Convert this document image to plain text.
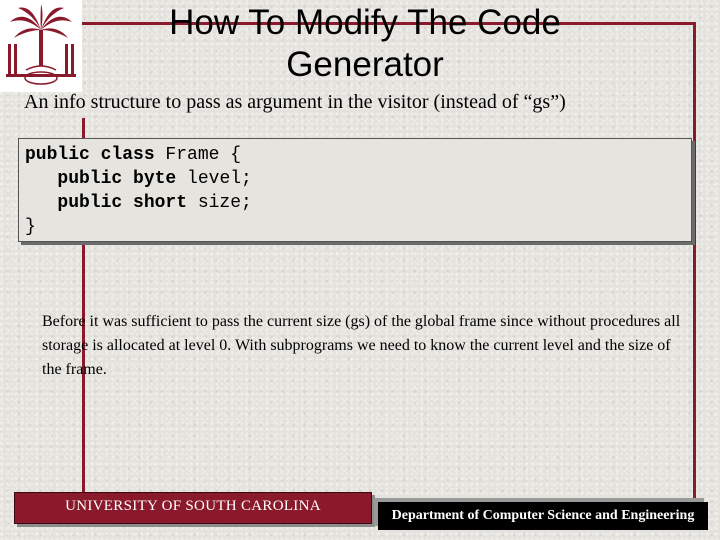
How To Modify The Code
Generator
An info structure to pass as argument in the visitor (instead of “gs”)
public class Frame {
public byte level;
public short size;
}
Before it was sufficient to pass the current size (gs) of the global frame since without procedures all storage is allocated at level 0. With subprograms we need to know the current level and the size of the frame.
UNIVERSITY OF SOUTH CAROLINA
Department of Computer Science and Engineering
